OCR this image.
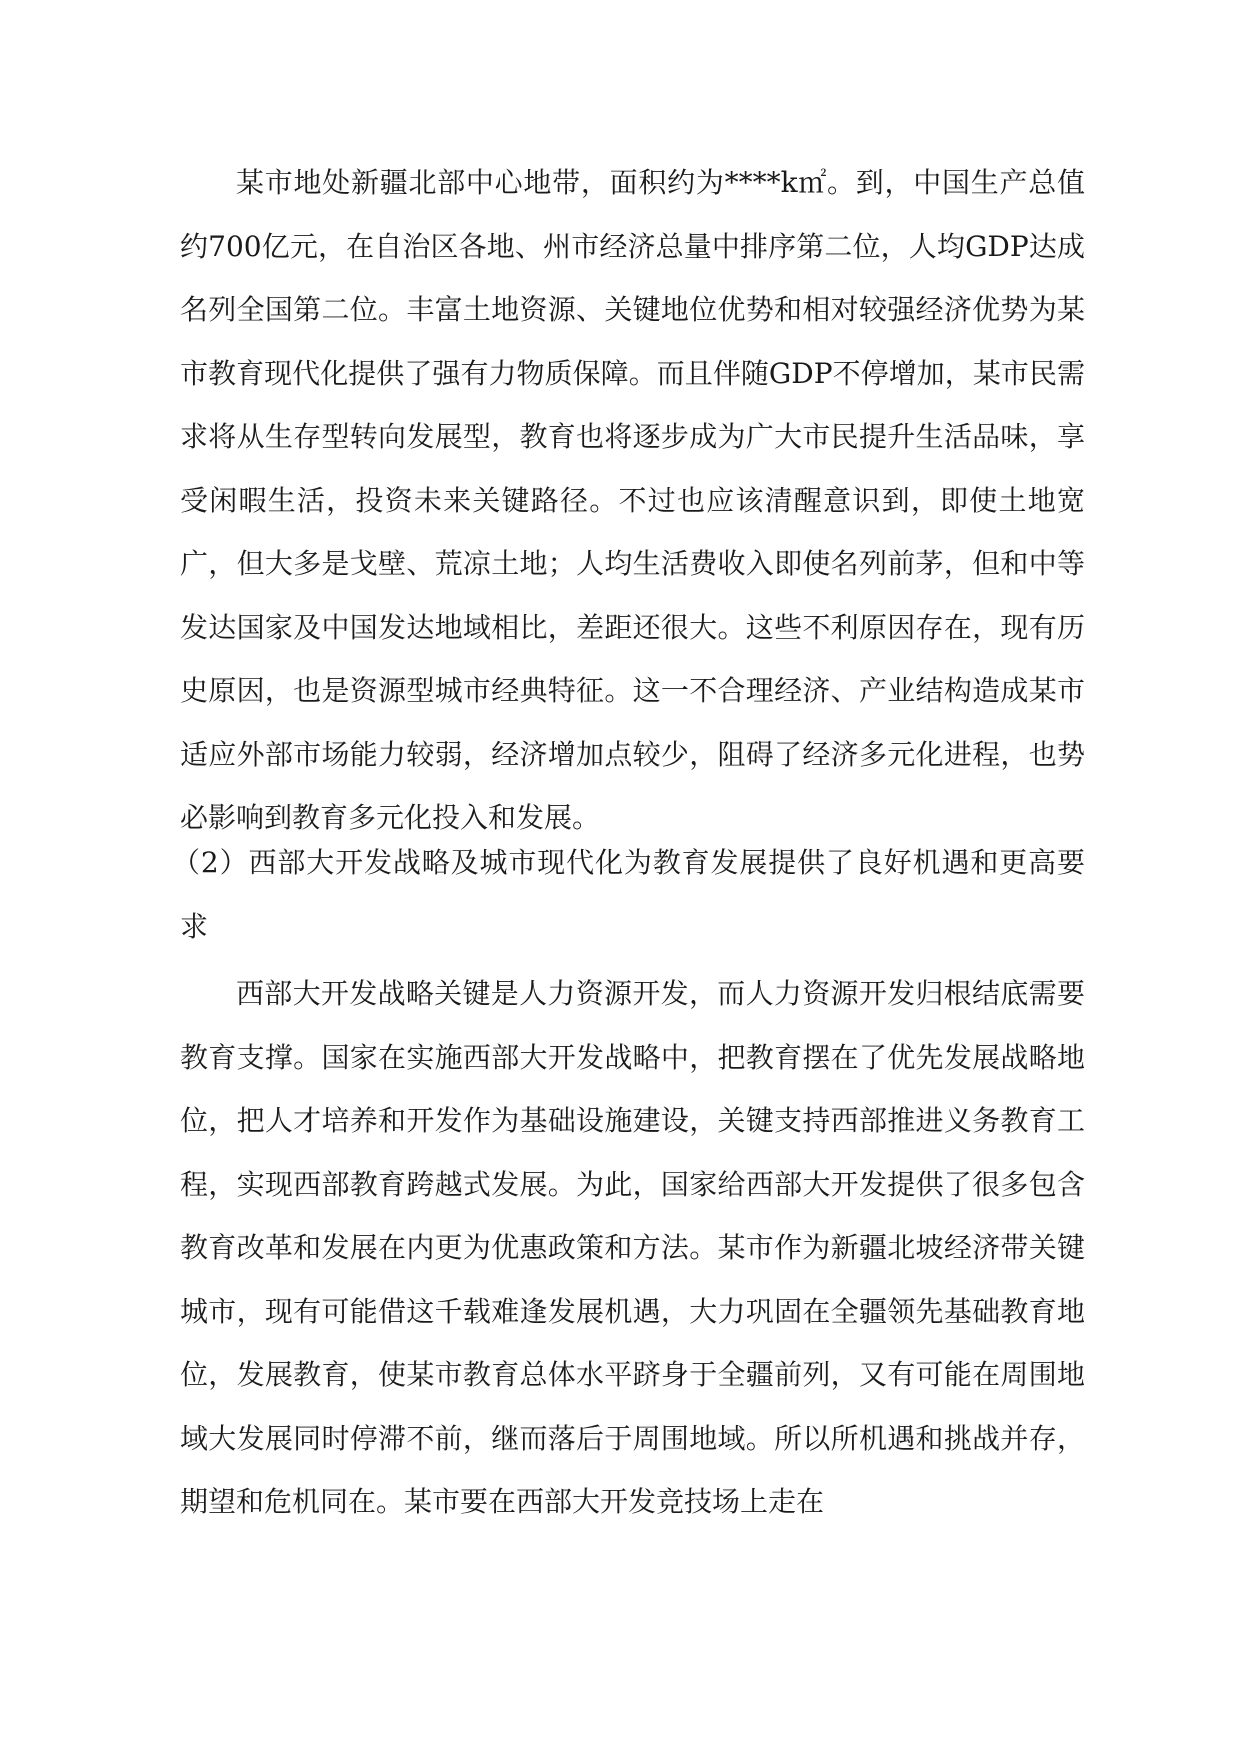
某市地处新疆北部中心地带，面积约为****k㎡。到，中国生产总值约700亿元，在自治区各地、州市经济总量中排序第二位，人均GDP达成名列全国第二位。丰富土地资源、关键地位优势和相对较强经济优势为某市教育现代化提供了强有力物质保障。而且伴随GDP不停增加，某市民需求将从生存型转向发展型，教育也将逐步成为广大市民提升生活品味，享受闲暇生活，投资未来关键路径。不过也应该清醒意识到，即使土地宽广，但大多是戈壁、荒凉土地；人均生活费收入即使名列前茅，但和中等发达国家及中国发达地域相比，差距还很大。这些不利原因存在，现有历史原因，也是资源型城市经典特征。这一不合理经济、产业结构造成某市适应外部市场能力较弱，经济增加点较少，阻碍了经济多元化进程，也势必影响到教育多元化投入和发展。

（2）西部大开发战略及城市现代化为教育发展提供了良好机遇和更高要求

西部大开发战略关键是人力资源开发，而人力资源开发归根结底需要教育支撑。国家在实施西部大开发战略中，把教育摆在了优先发展战略地位，把人才培养和开发作为基础设施建设，关键支持西部推进义务教育工程，实现西部教育跨越式发展。为此，国家给西部大开发提供了很多包含教育改革和发展在内更为优惠政策和方法。某市作为新疆北坡经济带关键城市，现有可能借这千载难逢发展机遇，大力巩固在全疆领先基础教育地位，发展教育，使某市教育总体水平跻身于全疆前列，又有可能在周围地域大发展同时停滞不前，继而落后于周围地域。所以所机遇和挑战并存，期望和危机同在。某市要在西部大开发竞技场上走在
